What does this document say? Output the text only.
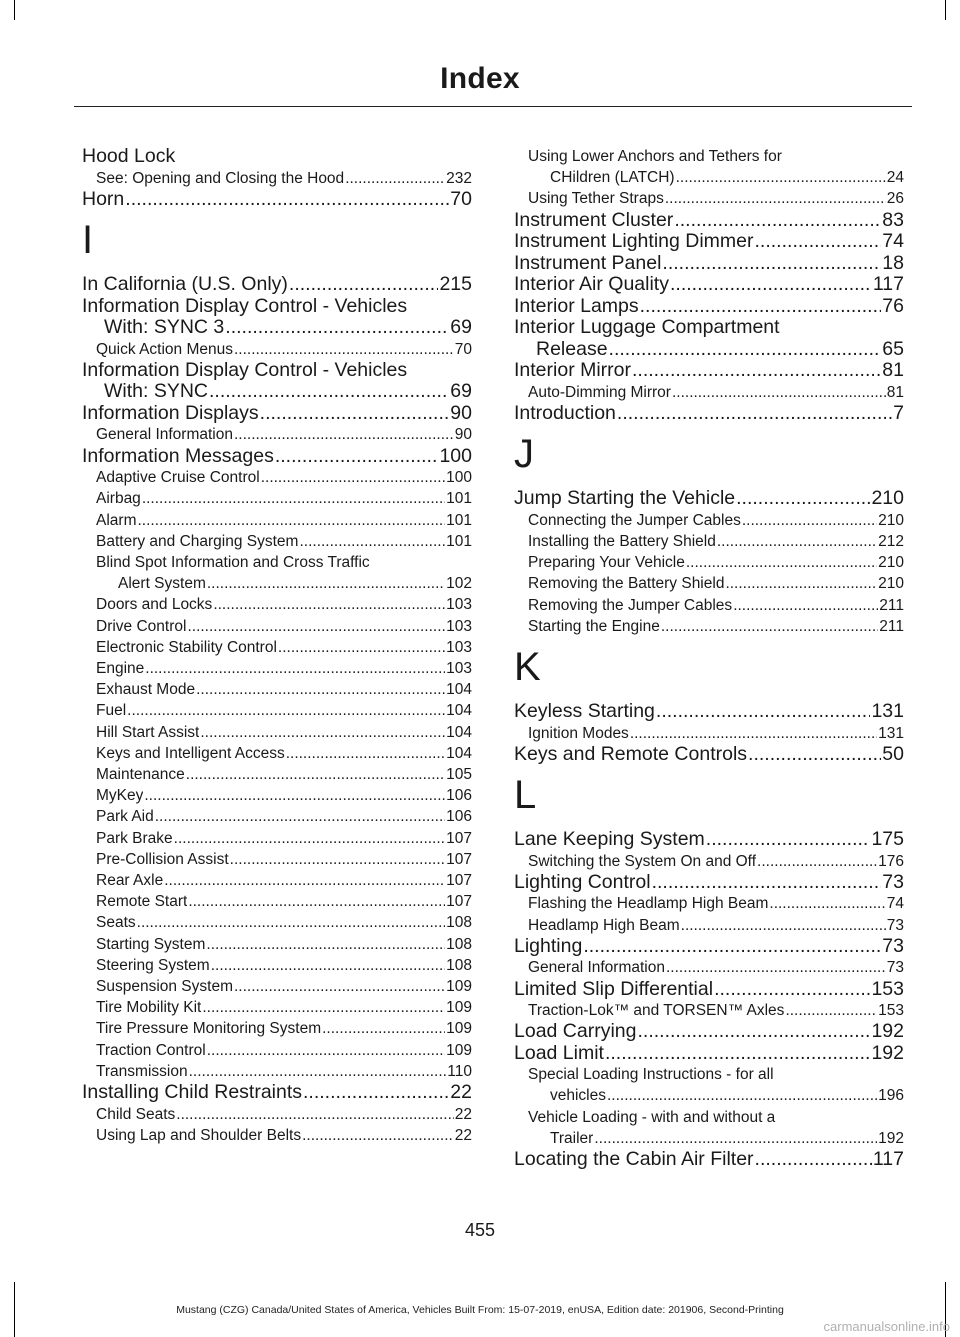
Index
Hood Lock
See: Opening and Closing the Hood .....	232
Horn .....	70
I
In California (U.S. Only) .....	215
Information Display Control - Vehicles
With: SYNC 3 .....	69
Quick Action Menus .....	70
Information Display Control - Vehicles
With: SYNC .....	69
Information Displays .....	90
General Information .....	90
Information Messages .....	100
Adaptive Cruise Control .....	100
Airbag .....	101
Alarm .....	101
Battery and Charging System .....	101
Blind Spot Information and Cross Traffic
Alert System .....	102
Doors and Locks .....	103
Drive Control .....	103
Electronic Stability Control .....	103
Engine .....	103
Exhaust Mode .....	104
Fuel .....	104
Hill Start Assist .....	104
Keys and Intelligent Access .....	104
Maintenance .....	105
MyKey .....	106
Park Aid .....	106
Park Brake .....	107
Pre-Collision Assist .....	107
Rear Axle .....	107
Remote Start .....	107
Seats .....	108
Starting System .....	108
Steering System .....	108
Suspension System .....	109
Tire Mobility Kit .....	109
Tire Pressure Monitoring System .....	109
Traction Control .....	109
Transmission .....	110
Installing Child Restraints .....	22
Child Seats .....	22
Using Lap and Shoulder Belts .....	22
Using Lower Anchors and Tethers for
CHildren (LATCH) .....	24
Using Tether Straps .....	26
Instrument Cluster .....	83
Instrument Lighting Dimmer .....	74
Instrument Panel .....	18
Interior Air Quality .....	117
Interior Lamps .....	76
Interior Luggage Compartment
Release .....	65
Interior Mirror .....	81
Auto-Dimming Mirror .....	81
Introduction .....	7
J
Jump Starting the Vehicle .....	210
Connecting the Jumper Cables .....	210
Installing the Battery Shield .....	212
Preparing Your Vehicle .....	210
Removing the Battery Shield .....	210
Removing the Jumper Cables .....	211
Starting the Engine .....	211
K
Keyless Starting .....	131
Ignition Modes .....	131
Keys and Remote Controls .....	50
L
Lane Keeping System .....	175
Switching the System On and Off .....	176
Lighting Control .....	73
Flashing the Headlamp High Beam .....	74
Headlamp High Beam .....	73
Lighting .....	73
General Information .....	73
Limited Slip Differential .....	153
Traction-Lok™ and TORSEN™ Axles .....	153
Load Carrying .....	192
Load Limit .....	192
Special Loading Instructions - for all
vehicles .....	196
Vehicle Loading - with and without a
Trailer .....	192
Locating the Cabin Air Filter .....	117
455
Mustang (CZG) Canada/United States of America, Vehicles Built From: 15-07-2019, enUSA, Edition date: 201906, Second-Printing
carmanualsonline.info
